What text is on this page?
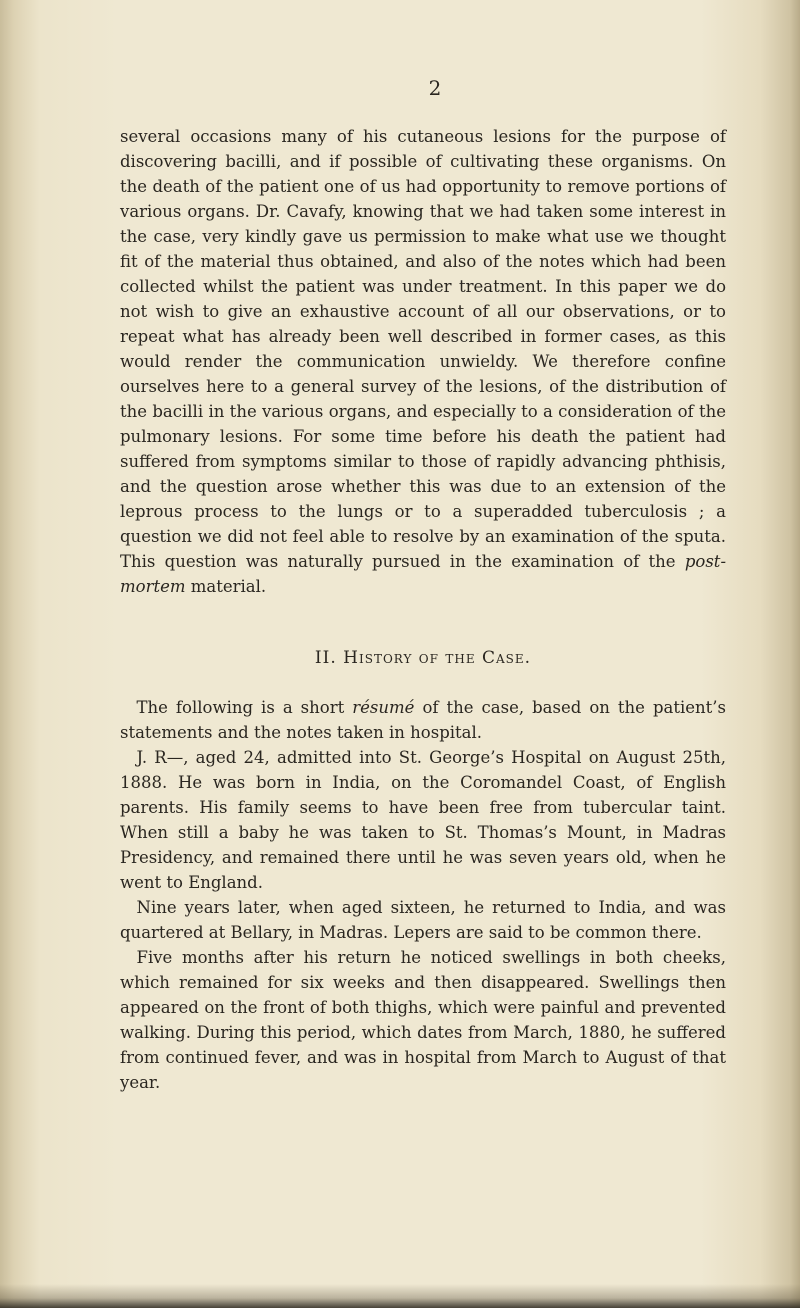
2

several occasions many of his cutaneous lesions for the purpose of discovering bacilli, and if possible of cultivating these organisms. On the death of the patient one of us had opportunity to remove portions of various organs. Dr. Cavafy, knowing that we had taken some interest in the case, very kindly gave us permission to make what use we thought fit of the material thus obtained, and also of the notes which had been collected whilst the patient was under treatment. In this paper we do not wish to give an exhaustive account of all our observations, or to repeat what has already been well described in former cases, as this would render the communication unwieldy. We therefore confine ourselves here to a general survey of the lesions, of the distribution of the bacilli in the various organs, and especially to a consideration of the pulmonary lesions. For some time before his death the patient had suffered from symptoms similar to those of rapidly advancing phthisis, and the question arose whether this was due to an extension of the leprous process to the lungs or to a superadded tuberculosis ; a question we did not feel able to resolve by an examination of the sputa. This question was naturally pursued in the examination of the post-mortem material.

II. History of the Case.

 The following is a short résumé of the case, based on the patient’s statements and the notes taken in hospital.

 J. R—, aged 24, admitted into St. George’s Hospital on August 25th, 1888. He was born in India, on the Coromandel Coast, of English parents. His family seems to have been free from tubercular taint. When still a baby he was taken to St. Thomas’s Mount, in Madras Presidency, and remained there until he was seven years old, when he went to England.

 Nine years later, when aged sixteen, he returned to India, and was quartered at Bellary, in Madras. Lepers are said to be common there.

 Five months after his return he noticed swellings in both cheeks, which remained for six weeks and then disappeared. Swellings then appeared on the front of both thighs, which were painful and prevented walking. During this period, which dates from March, 1880, he suffered from continued fever, and was in hospital from March to August of that year.
